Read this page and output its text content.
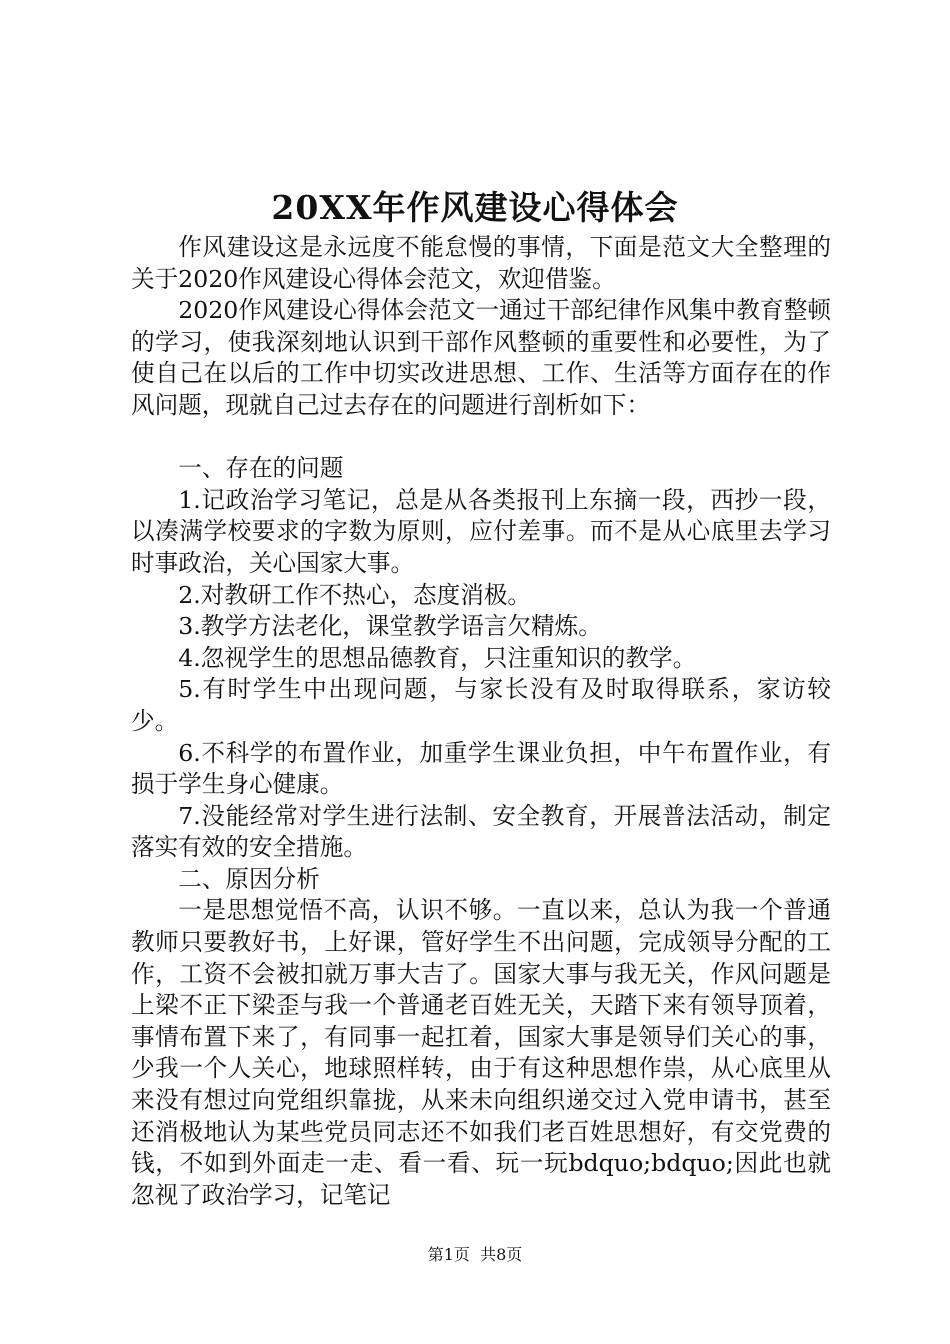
20XX年作风建设心得体会

作风建设这是永远度不能怠慢的事情，下面是范文大全整理的关于2020作风建设心得体会范文，欢迎借鉴。

2020作风建设心得体会范文一通过干部纪律作风集中教育整顿的学习，使我深刻地认识到干部作风整顿的重要性和必要性，为了使自己在以后的工作中切实改进思想、工作、生活等方面存在的作风问题，现就自己过去存在的问题进行剖析如下：

一、存在的问题

1.记政治学习笔记，总是从各类报刊上东摘一段，西抄一段，以凑满学校要求的字数为原则，应付差事。而不是从心底里去学习时事政治，关心国家大事。

2.对教研工作不热心，态度消极。

3.教学方法老化，课堂教学语言欠精炼。

4.忽视学生的思想品德教育，只注重知识的教学。

5.有时学生中出现问题，与家长没有及时取得联系，家访较少。

6.不科学的布置作业，加重学生课业负担，中午布置作业，有损于学生身心健康。

7.没能经常对学生进行法制、安全教育，开展普法活动，制定落实有效的安全措施。

二、原因分析

一是思想觉悟不高，认识不够。一直以来，总认为我一个普通教师只要教好书，上好课，管好学生不出问题，完成领导分配的工作，工资不会被扣就万事大吉了。国家大事与我无关，作风问题是上梁不正下梁歪与我一个普通老百姓无关，天踏下来有领导顶着，事情布置下来了，有同事一起扛着，国家大事是领导们关心的事，少我一个人关心，地球照样转，由于有这种思想作祟，从心底里从来没有想过向党组织靠拢，从来未向组织递交过入党申请书，甚至还消极地认为某些党员同志还不如我们老百姓思想好，有交党费的钱，不如到外面走一走、看一看、玩一玩bdquo;bdquo;因此也就忽视了政治学习，记笔记

第1页 共8页
